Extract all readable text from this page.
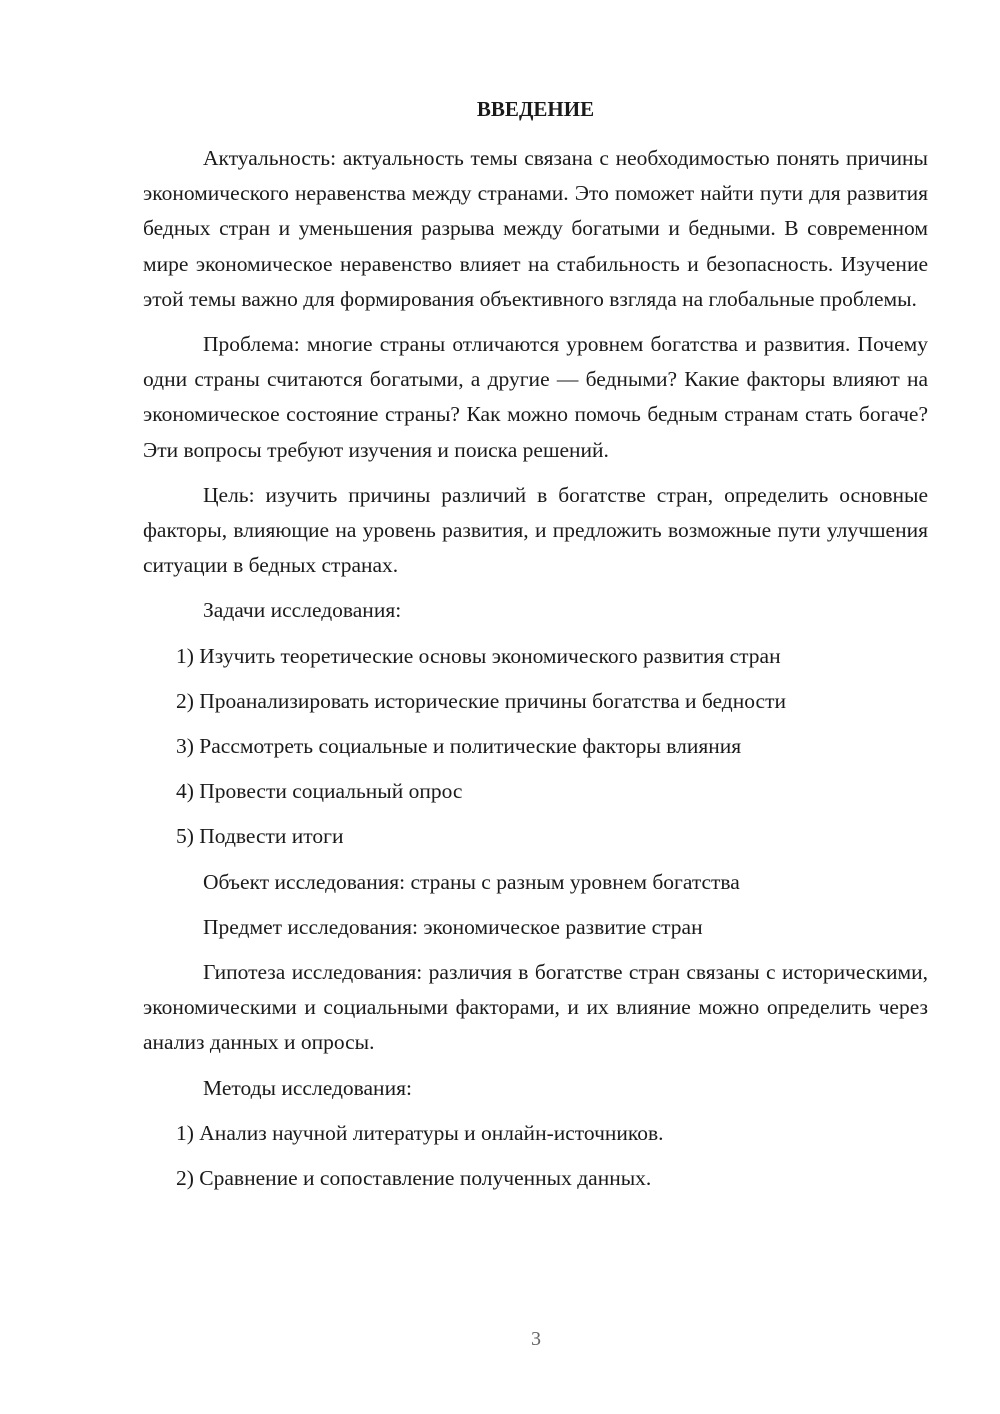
ВВЕДЕНИЕ

Актуальность: актуальность темы связана с необходимостью понять причины экономического неравенства между странами. Это поможет найти пути для развития бедных стран и уменьшения разрыва между богатыми и бедными. В современном мире экономическое неравенство влияет на стабильность и безопасность. Изучение этой темы важно для формирования объективного взгляда на глобальные проблемы.

Проблема: многие страны отличаются уровнем богатства и развития. Почему одни страны считаются богатыми, а другие — бедными? Какие факторы влияют на экономическое состояние страны? Как можно помочь бедным странам стать богаче? Эти вопросы требуют изучения и поиска решений.

Цель: изучить причины различий в богатстве стран, определить основные факторы, влияющие на уровень развития, и предложить возможные пути улучшения ситуации в бедных странах.

Задачи исследования:

1) Изучить теоретические основы экономического развития стран
2) Проанализировать исторические причины богатства и бедности
3) Рассмотреть социальные и политические факторы влияния
4) Провести социальный опрос
5) Подвести итоги

Объект исследования: страны с разным уровнем богатства

Предмет исследования: экономическое развитие стран

Гипотеза исследования: различия в богатстве стран связаны с историческими, экономическими и социальными факторами, и их влияние можно определить через анализ данных и опросы.

Методы исследования:

1) Анализ научной литературы и онлайн-источников.
2) Сравнение и сопоставление полученных данных.
3
